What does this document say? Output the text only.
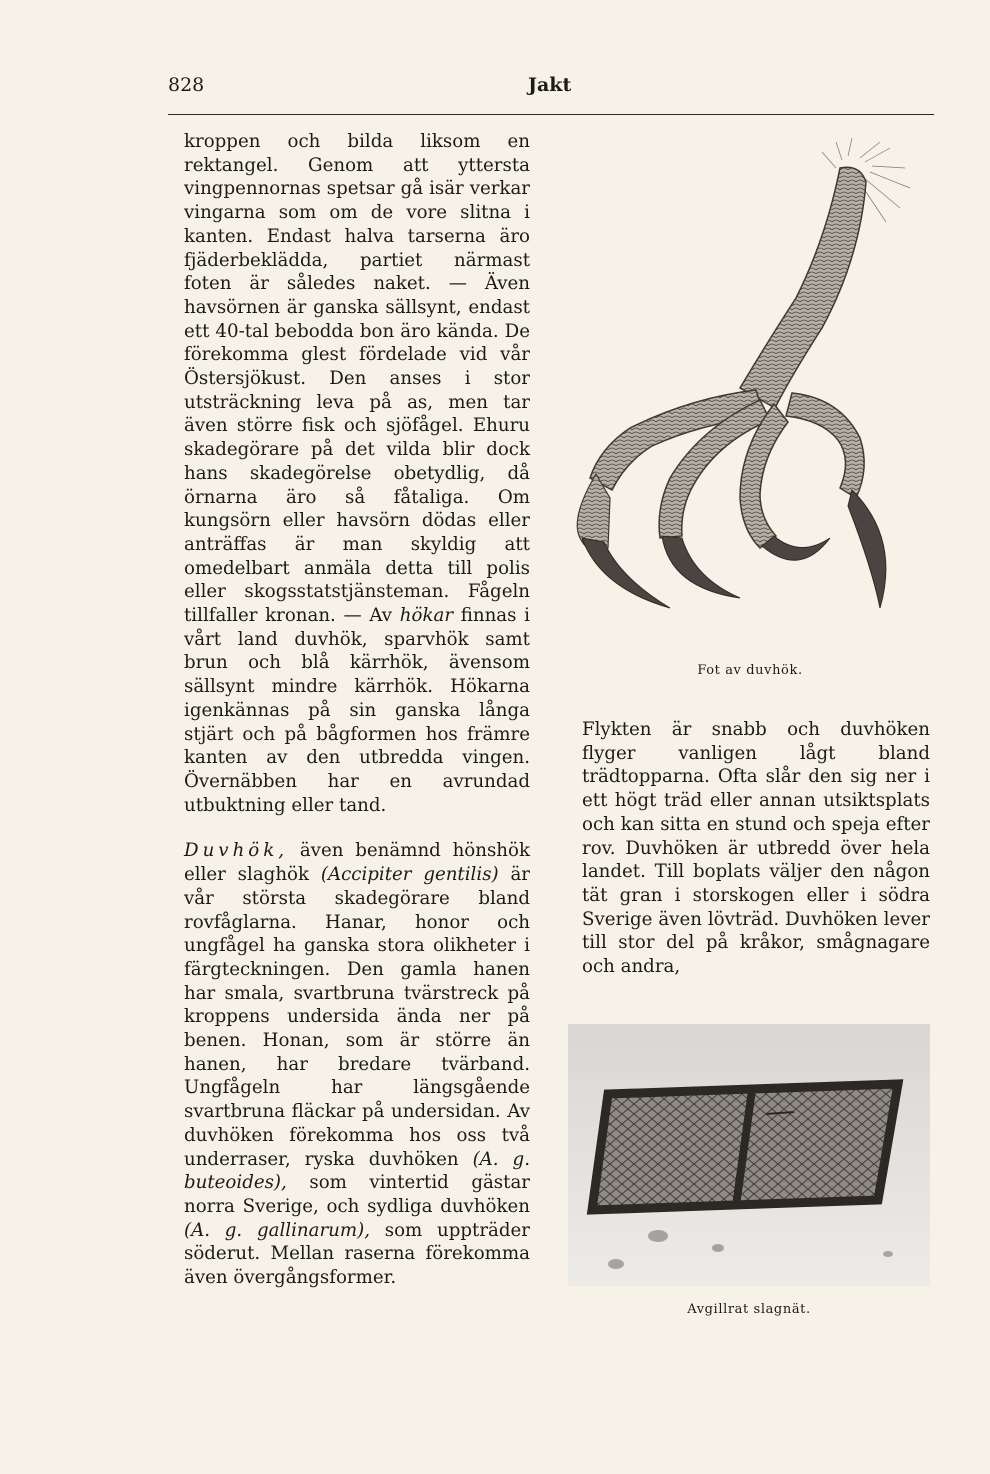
828	Jakt

kroppen och bilda liksom en rektangel. Genom att yttersta vingpennornas spetsar gå isär verkar vingarna som om de vore slitna i kanten. Endast halva tarserna äro fjäderbeklädda, partiet närmast foten är således naket. — Även havsörnen är ganska sällsynt, endast ett 40-tal bebodda bon äro kända. De förekomma glest fördelade vid vår Östersjökust. Den anses i stor utsträckning leva på as, men tar även större fisk och sjöfågel. Ehuru skadegörare på det vilda blir dock hans skadegörelse obetydlig, då örnarna äro så fåtaliga. Om kungsörn eller havsörn dödas eller anträffas är man skyldig att omedelbart anmäla detta till polis eller skogsstatstjänsteman. Fågeln tillfaller kronan. — Av hökar finnas i vårt land duvhök, sparvhök samt brun och blå kärrhök, ävensom sällsynt mindre kärrhök. Hökarna igenkännas på sin ganska långa stjärt och på bågformen hos främre kanten av den utbredda vingen. Övernäbben har en avrundad utbuktning eller tand.

Duvhök, även benämnd hönshök eller slaghök (Accipiter gentilis) är vår största skadegörare bland rovfåglarna. Hanar, honor och ungfågel ha ganska stora olikheter i färgteckningen. Den gamla hanen har smala, svartbruna tvärstreck på kroppens undersida ända ner på benen. Honan, som är större än hanen, har bredare tvärband. Ungfågeln har längsgående svartbruna fläckar på undersidan. Av duvhöken förekomma hos oss två underraser, ryska duvhöken (A. g. buteoides), som vintertid gästar norra Sverige, och sydliga duvhöken (A. g. gallinarum), som uppträder söderut. Mellan raserna förekomma även övergångsformer.

Fot av duvhök.

Flykten är snabb och duvhöken flyger vanligen lågt bland trädtopparna. Ofta slår den sig ner i ett högt träd eller annan utsiktsplats och kan sitta en stund och speja efter rov. Duvhöken är utbredd över hela landet. Till boplats väljer den någon tät gran i storskogen eller i södra Sverige även lövträd. Duvhöken lever till stor del på kråkor, smågnagare och andra,

Avgillrat slagnät.
